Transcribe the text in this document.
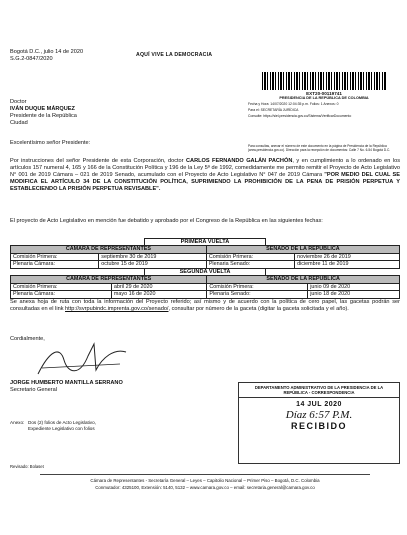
Bogotá D.C., julio 14 de 2020
S.G.2-0847/2020
AQUÍ VIVE LA DEMOCRACIA
EXT20-00119741
PRESIDENCIA DE LA REPÚBLICA DE COLOMBIA
Fecha y Hora: 14/07/2020 12:04:35 p.m. Folios: 1 Anexos: 0
Para el: SECRETARÍA JURÍDICA
Consulte: https://siel.presidencia.gov.co/Sistema/VerificarDocumento
Para consultas, anexar el número de este documento en la página de Presidencia de la República (www.presidencia.gov.co). Dirección para la recepción de documentos: Calle 7 No. 6-54 Bogotá D.C.
Doctor
IVÁN DUQUE MÁRQUEZ
Presidente de la República
Ciudad
Excelentísimo señor Presidente:
Por instrucciones del señor Presidente de esta Corporación, doctor CARLOS FERNANDO GALÁN PACHÓN, y en cumplimiento a lo ordenado en los artículos 157 numeral 4, 165 y 166 de la Constitución Política y 196 de la Ley 5ª de 1992, comedidamente me permito remitir el Proyecto de Acto Legislativo N° 001 de 2019 Cámara – 021 de 2019 Senado, acumulado con el Proyecto de Acto Legislativo N° 047 de 2019 Cámara "POR MEDIO DEL CUAL SE MODIFICA EL ARTÍCULO 34 DE LA CONSTITUCIÓN POLÍTICA, SUPRIMIENDO LA PROHIBICIÓN DE LA PENA DE PRISIÓN PERPETUA Y ESTABLECIENDO LA PRISIÓN PERPETUA REVISABLE".
El proyecto de Acto Legislativo en mención fue debatido y aprobado por el Congreso de la República en las siguientes fechas:
PRIMERA VUELTA
CÁMARA DE REPRESENTANTES		SENADO DE LA REPÚBLICA	
Comisión Primera:	septiembre 30 de 2019	Comisión Primera:	noviembre 26 de 2019
Plenaria Cámara:	octubre 15 de 2019	Plenaria Senado:	diciembre 11 de 2019
SEGUNDA VUELTA
CÁMARA DE REPRESENTANTES		SENADO DE LA REPÚBLICA	
Comisión Primera:	abril 29 de 2020	Comisión Primera:	junio 09 de 2020
Plenaria Cámara:	mayo 16 de 2020	Plenaria Senado:	junio 18 de 2020
Se anexa hoja de ruta con toda la información del Proyecto referido; así mismo y de acuerdo con la política de cero papel, las gacetas podrán ser consultadas en el link http://svrpubindc.imprenta.gov.co/senado/, consultar por número de la gaceta (digitar la gaceta solicitada y el año).
Cordialmente,
JORGE HUMBERTO MANTILLA SERRANO
Secretario General
Anexo: Dos (2) folios de Acto Legislativo,
Expediente Legislativo con folios
Revisado: Bolaset
DEPARTAMENTO ADMINISTRATIVO DE LA PRESIDENCIA DE LA REPÚBLICA - CORRESPONDENCIA
14 JUL 2020
Díaz 6:57 P.M.
RECIBIDO
Cámara de Representantes - Secretaría General – Leyes – Capitolio Nacional – Primer Piso – Bogotá, D.C. Colombia
Conmutador: 4325100, Extensión: 5140, 5132 – www.camara.gov.co – email: secretaria.general@camara.gov.co
